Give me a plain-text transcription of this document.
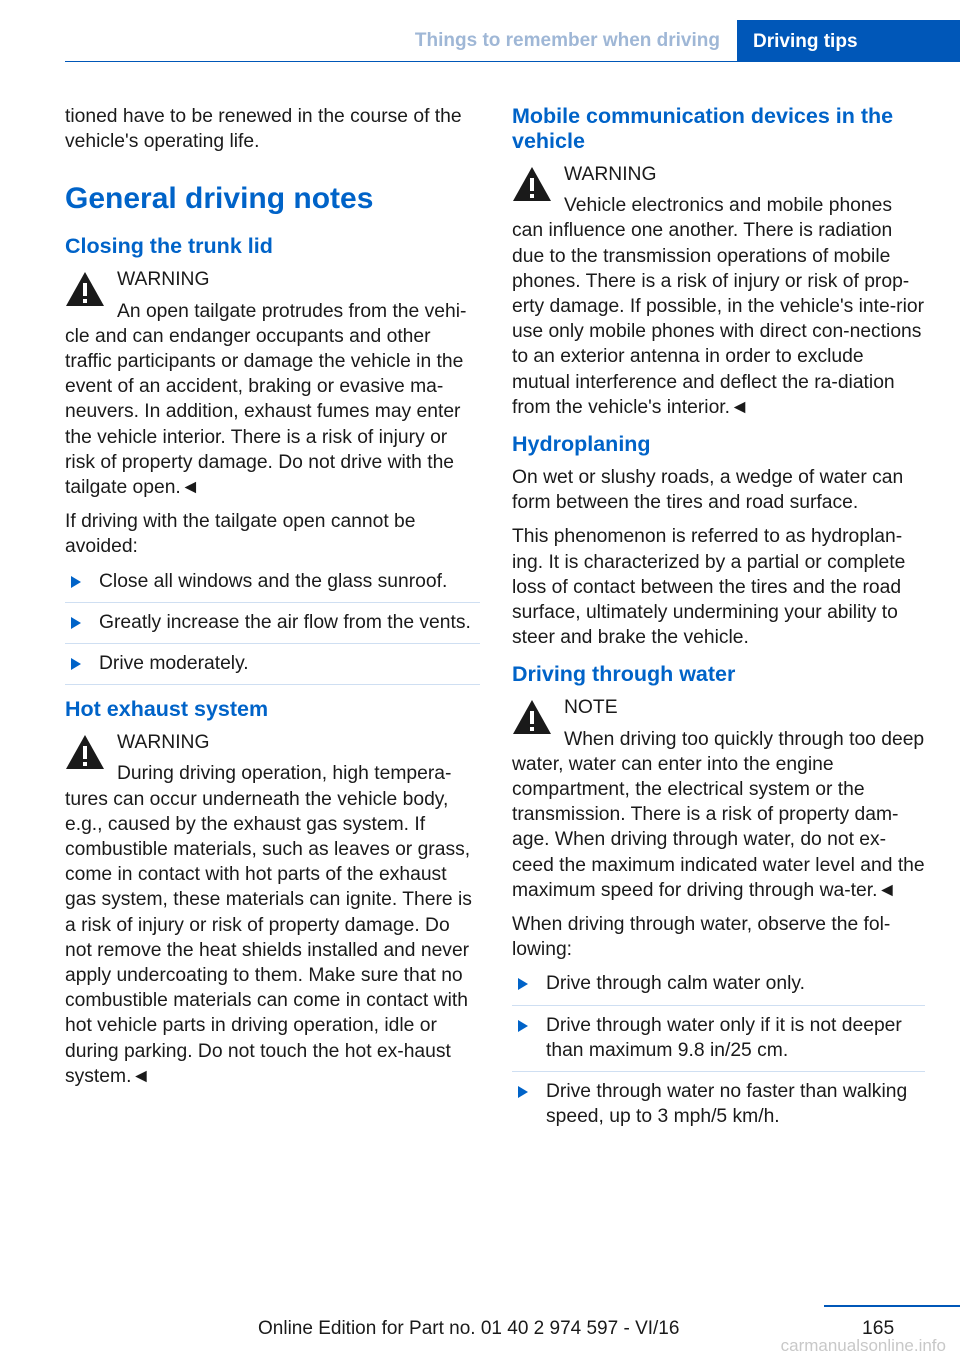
Things to remember when driving	Driving tips

tioned have to be renewed in the course of the vehicle's operating life.

General driving notes
Closing the trunk lid
WARNING
An open tailgate protrudes from the vehi-cle and can endanger occupants and other traffic participants or damage the vehicle in the event of an accident, braking or evasive ma-neuvers. In addition, exhaust fumes may enter the vehicle interior. There is a risk of injury or risk of property damage. Do not drive with the tailgate open.◄

If driving with the tailgate open cannot be avoided:

Close all windows and the glass sunroof.
Greatly increase the air flow from the vents.
Drive moderately.
Hot exhaust system
WARNING
During driving operation, high tempera-tures can occur underneath the vehicle body, e.g., caused by the exhaust gas system. If combustible materials, such as leaves or grass, come in contact with hot parts of the exhaust gas system, these materials can ignite. There is a risk of injury or risk of property damage. Do not remove the heat shields installed and never apply undercoating to them. Make sure that no combustible materials can come in contact with hot vehicle parts in driving operation, idle or during parking. Do not touch the hot ex-haust system.◄
Mobile communication devices in the vehicle
WARNING
Vehicle electronics and mobile phones can influence one another. There is radiation due to the transmission operations of mobile phones. There is a risk of injury or risk of prop-erty damage. If possible, in the vehicle's inte-rior use only mobile phones with direct con-nections to an exterior antenna in order to exclude mutual interference and deflect the ra-diation from the vehicle's interior.◄
Hydroplaning

On wet or slushy roads, a wedge of water can form between the tires and road surface.

This phenomenon is referred to as hydroplan-ing. It is characterized by a partial or complete loss of contact between the tires and the road surface, ultimately undermining your ability to steer and brake the vehicle.

Driving through water
NOTE
When driving too quickly through too deep water, water can enter into the engine compartment, the electrical system or the transmission. There is a risk of property dam-age. When driving through water, do not ex-ceed the maximum indicated water level and the maximum speed for driving through wa-ter.◄

When driving through water, observe the fol-lowing:

Drive through calm water only.
Drive through water only if it is not deeper than maximum 9.8 in/25 cm.
Drive through water no faster than walking speed, up to 3 mph/5 km/h.
165
Online Edition for Part no. 01 40 2 974 597 - VI/16
carmanualsonline.info
